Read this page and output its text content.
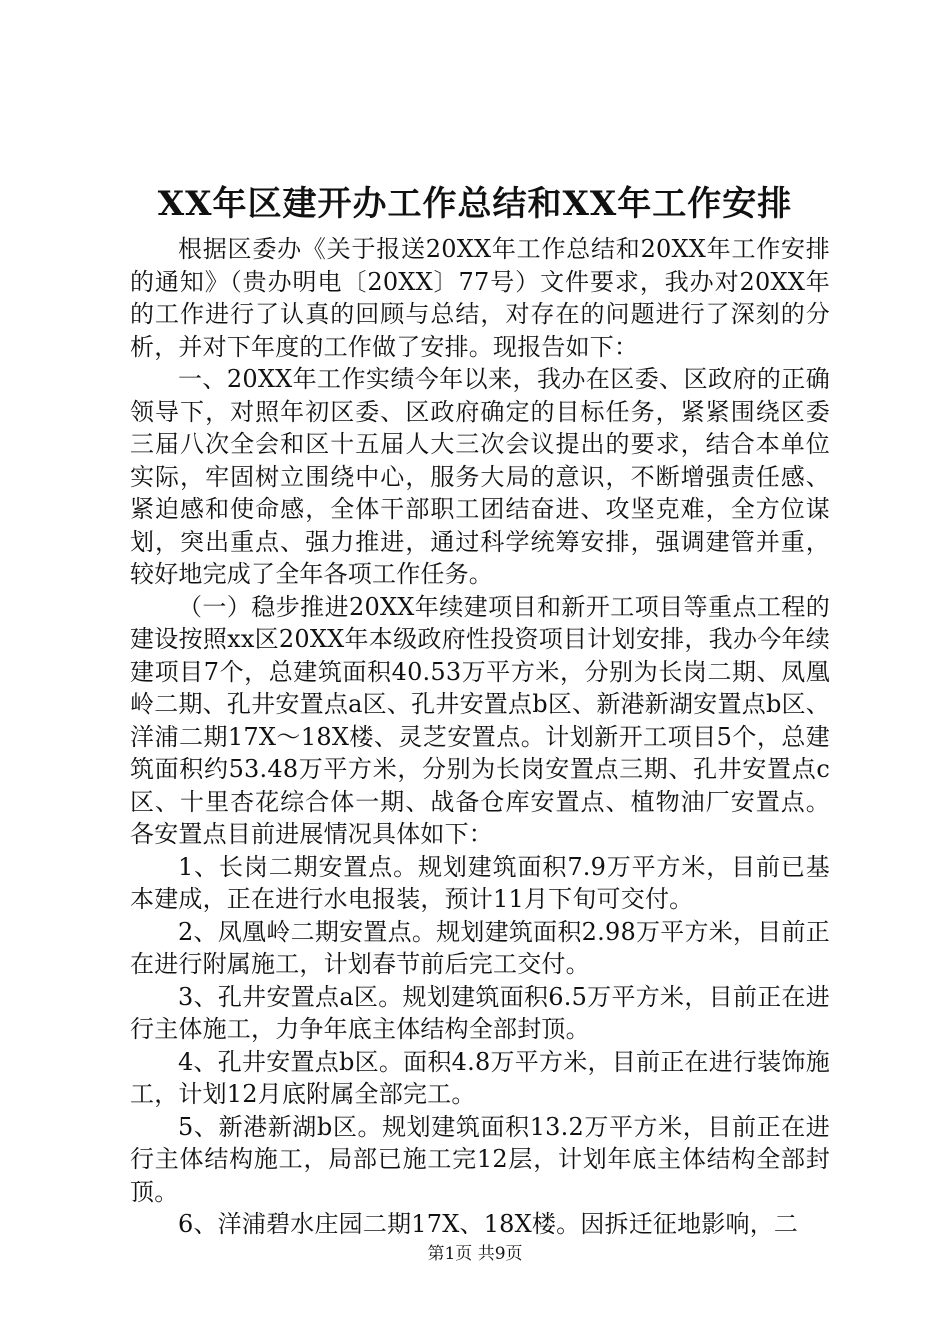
XX年区建开办工作总结和XX年工作安排

根据区委办《关于报送20XX年工作总结和20XX年工作安排的通知》（贵办明电〔20XX〕77号）文件要求，我办对20XX年的工作进行了认真的回顾与总结，对存在的问题进行了深刻的分析，并对下年度的工作做了安排。现报告如下：

一、20XX年工作实绩今年以来，我办在区委、区政府的正确领导下，对照年初区委、区政府确定的目标任务，紧紧围绕区委三届八次全会和区十五届人大三次会议提出的要求，结合本单位实际，牢固树立围绕中心，服务大局的意识，不断增强责任感、紧迫感和使命感，全体干部职工团结奋进、攻坚克难，全方位谋划，突出重点、强力推进，通过科学统筹安排，强调建管并重，较好地完成了全年各项工作任务。

（一）稳步推进20XX年续建项目和新开工项目等重点工程的建设按照xx区20XX年本级政府性投资项目计划安排，我办今年续建项目7个，总建筑面积40.53万平方米，分别为长岗二期、凤凰岭二期、孔井安置点a区、孔井安置点b区、新港新湖安置点b区、洋浦二期17X～18X楼、灵芝安置点。计划新开工项目5个，总建筑面积约53.48万平方米，分别为长岗安置点三期、孔井安置点c区、十里杏花综合体一期、战备仓库安置点、植物油厂安置点。各安置点目前进展情况具体如下：

1、长岗二期安置点。规划建筑面积7.9万平方米，目前已基本建成，正在进行水电报装，预计11月下旬可交付。

2、凤凰岭二期安置点。规划建筑面积2.98万平方米，目前正在进行附属施工，计划春节前后完工交付。

3、孔井安置点a区。规划建筑面积6.5万平方米，目前正在进行主体施工，力争年底主体结构全部封顶。

4、孔井安置点b区。面积4.8万平方米，目前正在进行装饰施工，计划12月底附属全部完工。

5、新港新湖b区。规划建筑面积13.2万平方米，目前正在进行主体结构施工，局部已施工完12层，计划年底主体结构全部封顶。

6、洋浦碧水庄园二期17X、18X楼。因拆迁征地影响，二

第1页 共9页
